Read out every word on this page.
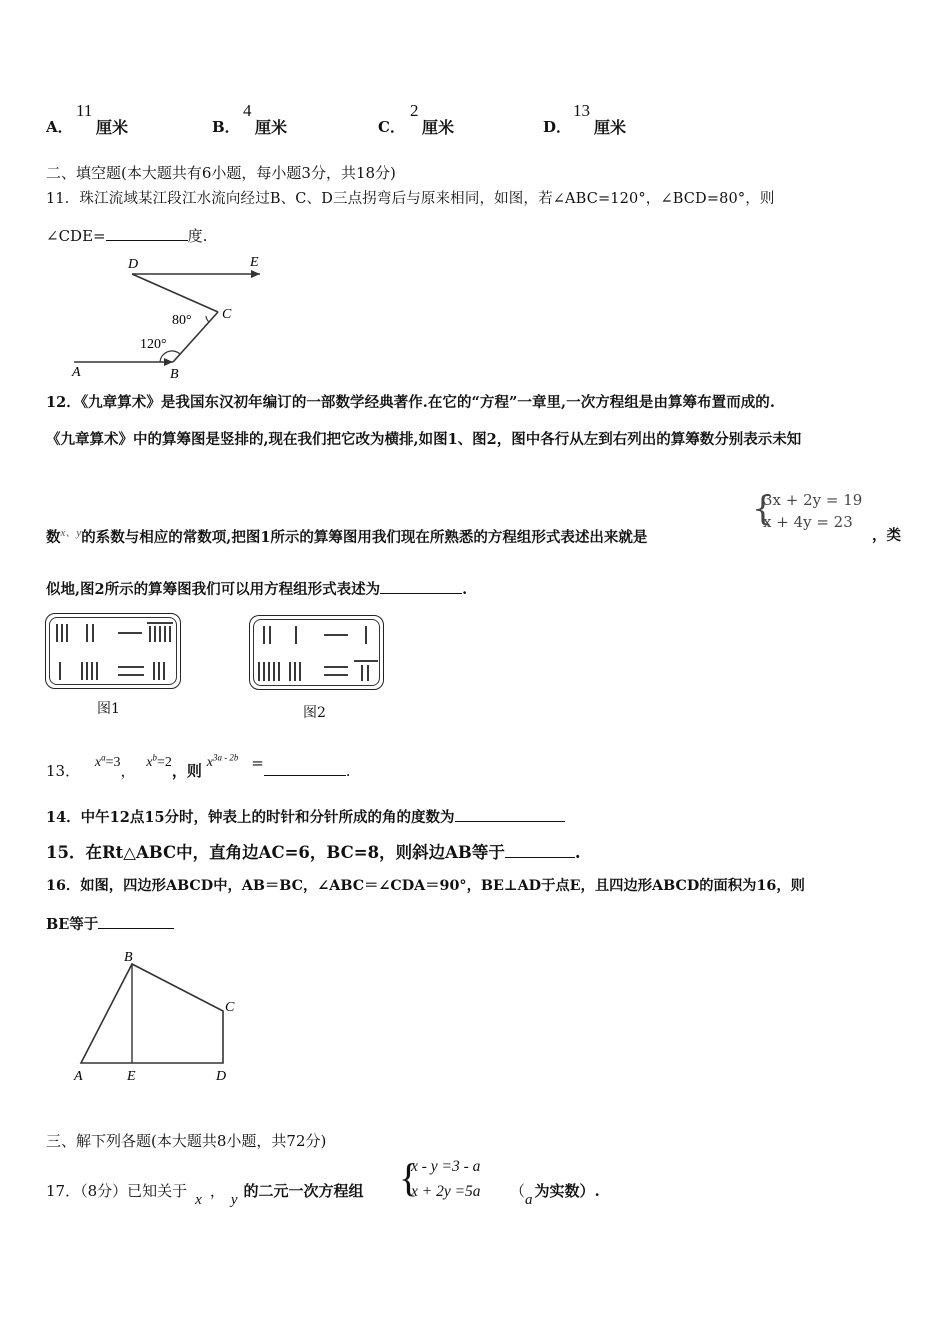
A．
11
厘米	B．
4
厘米	C．
2
厘米	D．
13
厘米
二、填空题(本大题共有6小题，每小题3分，共18分)
11．珠江流域某江段江水流向经过B、C、D三点拐弯后与原来相同，如图，若∠ABC=120°，∠BCD=80°，则
∠CDE=	度.
D	E
C
A	B
80°
120°
12．《九章算术》是我国东汉初年编订的一部数学经典著作.在它的“方程”一章里,一次方程组是由算筹布置而成的.
《九章算术》中的算筹图是竖排的,现在我们把它改为横排,如图1、图2，图中各行从左到右列出的算筹数分别表示未知
数$^{x、y}$的系数与相应的常数项,把图1所示的算筹图用我们现在所熟悉的方程组形式表述出来就是
{
3x + 2y = 19
x + 4y = 23
，类
似地,图2所示的算筹图我们可以用方程组形式表述为	.
图1	图2
13． $x^a=3$， $x^b=2$，则 $x^{3a - 2b}$ =	.
14．中午12点15分时，钟表上的时针和分针所成的角的度数为
15．在Rt△ABC中，直角边AC=6，BC=8，则斜边AB等于	.
16．如图，四边形ABCD中，AB＝BC，∠ABC＝∠CDA＝90°，BE⊥AD于点E，且四边形ABCD的面积为16，则
BE等于
B
C
A	E	D
三、解下列各题(本大题共8小题，共72分)
17．（8分）已知关于 x ， y 的二元一次方程组 {
x - y =3 - a
x + 2y =5a （a 为实数）.
